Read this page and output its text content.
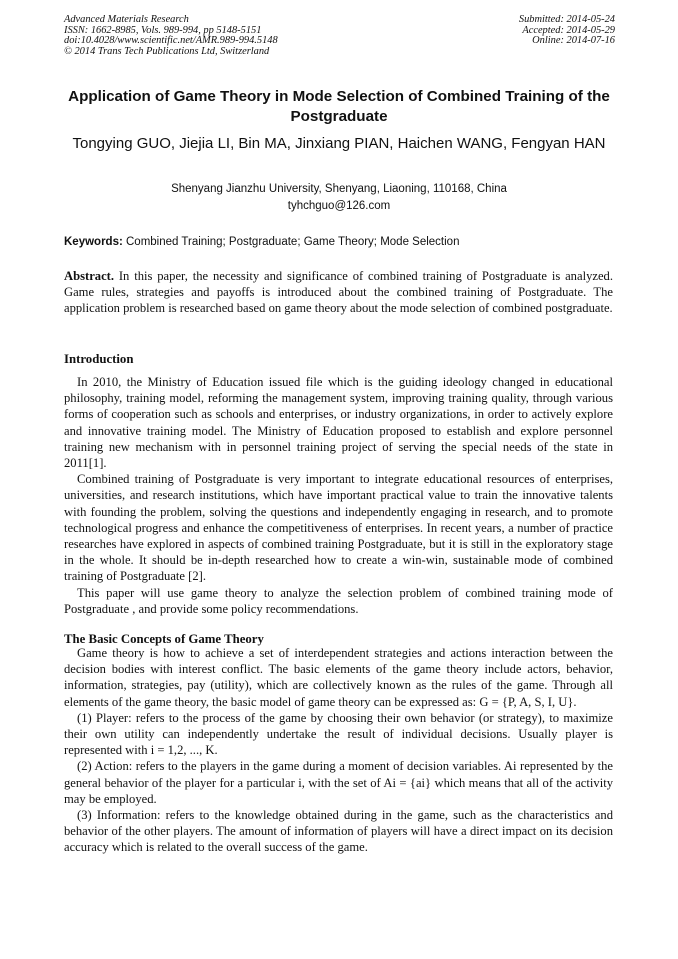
Advanced Materials Research
ISSN: 1662-8985, Vols. 989-994, pp 5148-5151
doi:10.4028/www.scientific.net/AMR.989-994.5148
© 2014 Trans Tech Publications Ltd, Switzerland
Submitted: 2014-05-24
Accepted: 2014-05-29
Online: 2014-07-16
Application of Game Theory in Mode Selection of Combined Training of the Postgraduate
Tongying GUO, Jiejia LI, Bin MA, Jinxiang PIAN, Haichen WANG, Fengyan HAN
Shenyang Jianzhu University, Shenyang, Liaoning, 110168, China
tyhchguo@126.com
Keywords: Combined Training; Postgraduate; Game Theory; Mode Selection
Abstract. In this paper, the necessity and significance of combined training of Postgraduate is analyzed. Game rules, strategies and payoffs is introduced about the combined training of Postgraduate. The application problem is researched based on game theory about the mode selection of combined postgraduate.
Introduction

In 2010, the Ministry of Education issued file which is the guiding ideology changed in educational philosophy, training model, reforming the management system, improving training quality, through various forms of cooperation such as schools and enterprises, or industry organizations, in order to actively explore and innovative training model. The Ministry of Education proposed to establish and explore personnel training new mechanism with in personnel training project of serving the special needs of the state in 2011[1].

Combined training of Postgraduate is very important to integrate educational resources of enterprises, universities, and research institutions, which have important practical value to train the innovative talents with founding the problem, solving the questions and independently engaging in research, and to promote technological progress and enhance the competitiveness of enterprises. In recent years, a number of practice researches have explored in aspects of combined training Postgraduate, but it is still in the exploratory stage in the whole. It should be in-depth researched how to create a win-win, sustainable mode of combined training of Postgraduate [2].

This paper will use game theory to analyze the selection problem of combined training mode of Postgraduate , and provide some policy recommendations.

The Basic Concepts of Game Theory

Game theory is how to achieve a set of interdependent strategies and actions interaction between the decision bodies with interest conflict. The basic elements of the game theory include actors, behavior, information, strategies, pay (utility), which are collectively known as the rules of the game. Through all elements of the game theory, the basic model of game theory can be expressed as: G = {P, A, S, I, U}.

(1) Player: refers to the process of the game by choosing their own behavior (or strategy), to maximize their own utility can independently undertake the result of individual decisions. Usually player is represented with i = 1,2, ..., K.

(2) Action: refers to the players in the game during a moment of decision variables. Ai represented by the general behavior of the player for a particular i, with the set of Ai = {ai} which means that all of the activity may be employed.

(3) Information: refers to the knowledge obtained during in the game, such as the characteristics and behavior of the other players. The amount of information of players will have a direct impact on its decision accuracy which is related to the overall success of the game.
